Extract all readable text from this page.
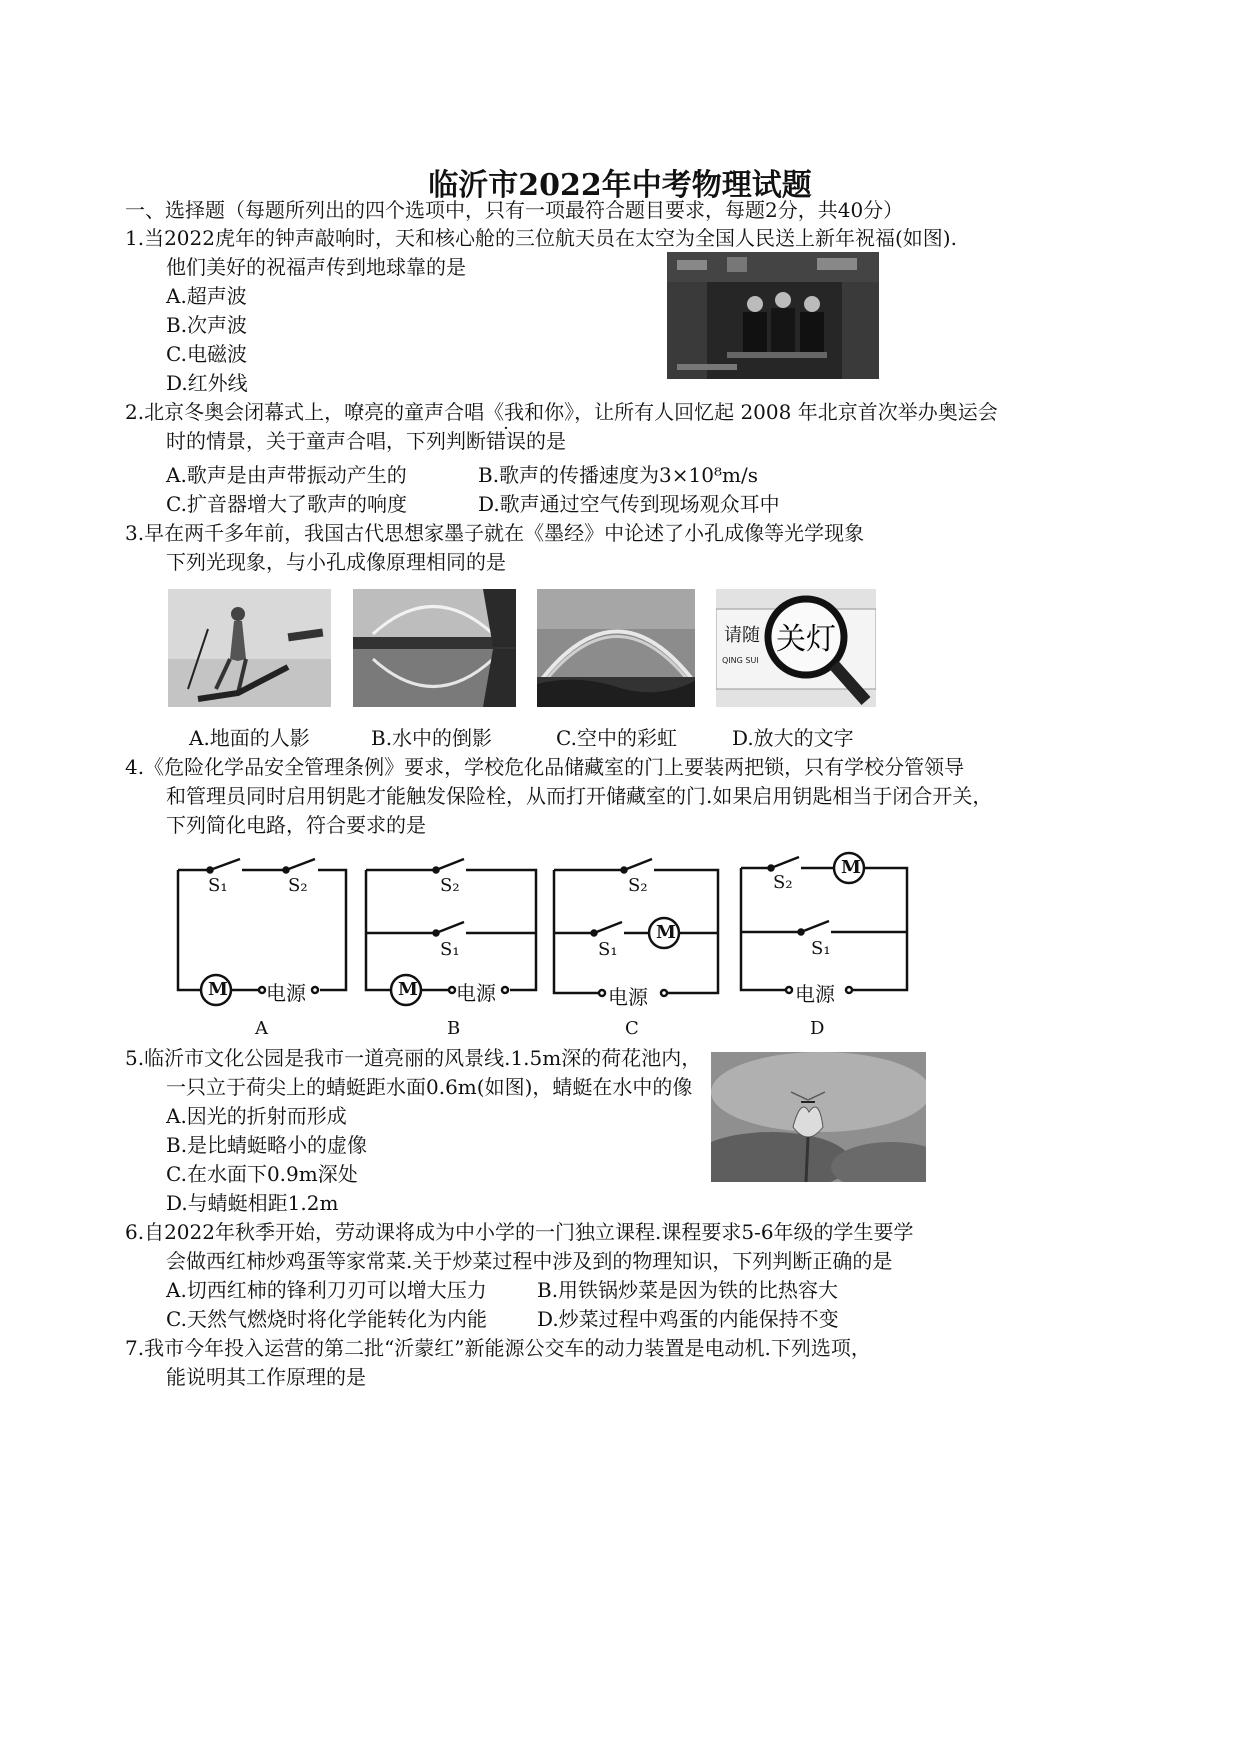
临沂市2022年中考物理试题
一、选择题（每题所列出的四个选项中，只有一项最符合题目要求，每题2分，共40分）
1.当2022虎年的钟声敲响时，天和核心舱的三位航天员在太空为全国人民送上新年祝福(如图).
他们美好的祝福声传到地球靠的是
A.超声波
B.次声波
C.电磁波
D.红外线
2.北京冬奥会闭幕式上，嘹亮的童声合唱《我和你》，让所有人回忆起 2008 年北京首次举办奥运会
时的情景，关于童声合唱，下列判断错误的是
A.歌声是由声带振动产生的	B.歌声的传播速度为3×10⁸m/s
C.扩音器增大了歌声的响度	D.歌声通过空气传到现场观众耳中
3.早在两千多年前，我国古代思想家墨子就在《墨经》中论述了小孔成像等光学现象
下列光现象，与小孔成像原理相同的是
请随
QING SUI
关灯
A.地面的人影	B.水中的倒影	C.空中的彩虹	D.放大的文字
4.《危险化学品安全管理条例》要求，学校危化品储藏室的门上要装两把锁，只有学校分管领导
和管理员同时启用钥匙才能触发保险栓，从而打开储藏室的门.如果启用钥匙相当于闭合开关，
下列简化电路，符合要求的是
S₁	S₂
M 电源
S₂
S₁
M 电源
S₂
S₁
M
电源
S₂
S₁
M
电源
A	B	C	D
5.临沂市文化公园是我市一道亮丽的风景线.1.5m深的荷花池内，
一只立于荷尖上的蜻蜓距水面0.6m(如图)，蜻蜓在水中的像
A.因光的折射而形成
B.是比蜻蜓略小的虚像
C.在水面下0.9m深处
D.与蜻蜓相距1.2m
6.自2022年秋季开始，劳动课将成为中小学的一门独立课程.课程要求5-6年级的学生要学
会做西红柿炒鸡蛋等家常菜.关于炒菜过程中涉及到的物理知识，下列判断正确的是
A.切西红柿的锋利刀刃可以增大压力	B.用铁锅炒菜是因为铁的比热容大
C.天然气燃烧时将化学能转化为内能	D.炒菜过程中鸡蛋的内能保持不变
7.我市今年投入运营的第二批“沂蒙红”新能源公交车的动力装置是电动机.下列选项，
能说明其工作原理的是
